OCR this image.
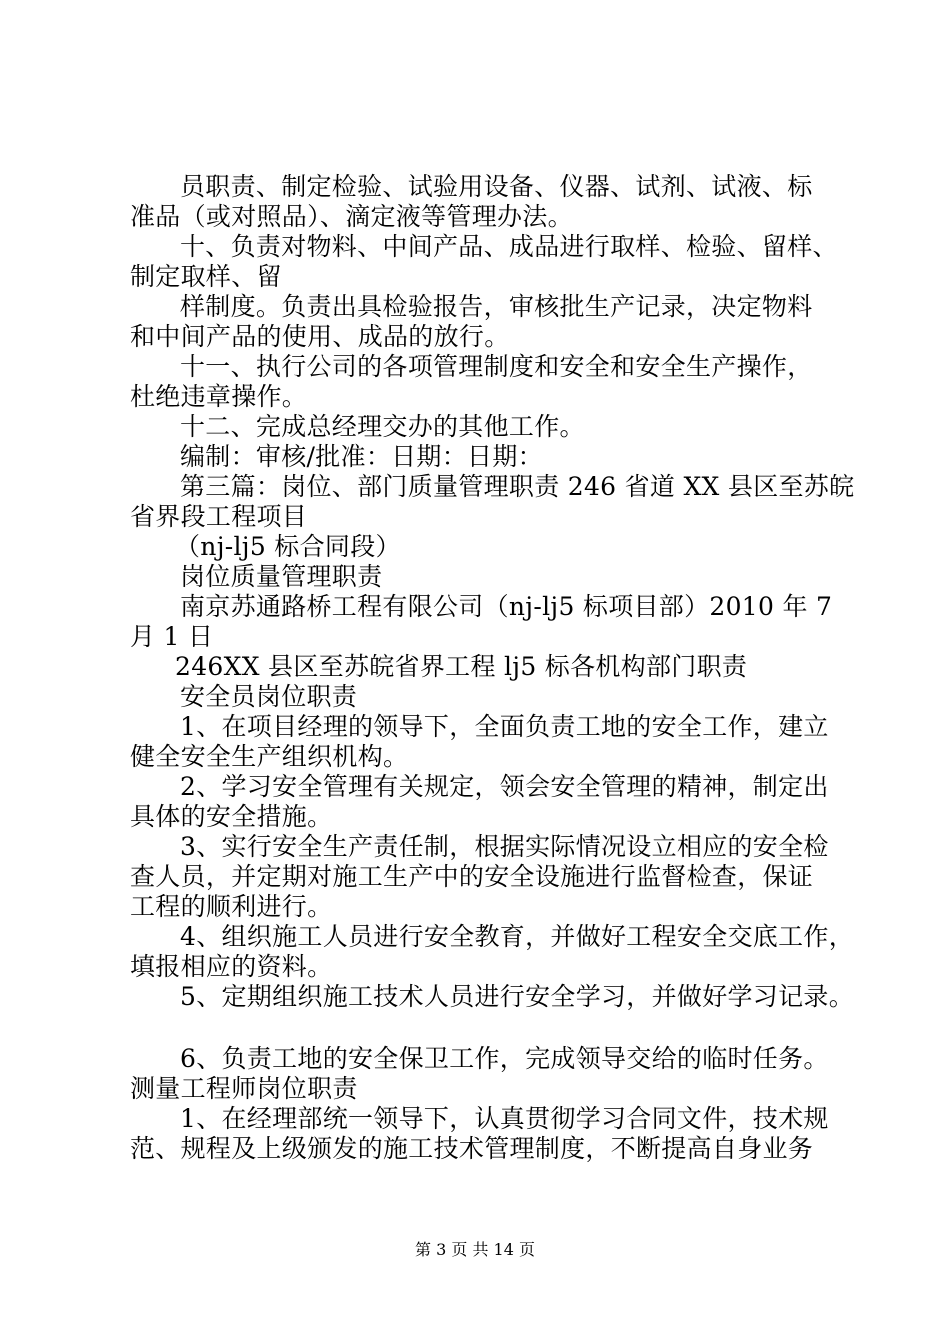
员职责、制定检验、试验用设备、仪器、试剂、试液、标
准品（或对照品）、滴定液等管理办法。
十、负责对物料、中间产品、成品进行取样、检验、留样、
制定取样、留
样制度。负责出具检验报告，审核批生产记录，决定物料
和中间产品的使用、成品的放行。
十一、执行公司的各项管理制度和安全和安全生产操作，
杜绝违章操作。
十二、完成总经理交办的其他工作。
编制：审核/批准：日期：日期：
第三篇：岗位、部门质量管理职责 246 省道 XX 县区至苏皖
省界段工程项目
（nj-lj5 标合同段）
岗位质量管理职责
南京苏通路桥工程有限公司（nj-lj5 标项目部）2010 年 7
月 1 日
246XX 县区至苏皖省界工程 lj5 标各机构部门职责
安全员岗位职责
1、在项目经理的领导下，全面负责工地的安全工作，建立
健全安全生产组织机构。
2、学习安全管理有关规定，领会安全管理的精神，制定出
具体的安全措施。
3、实行安全生产责任制，根据实际情况设立相应的安全检
查人员，并定期对施工生产中的安全设施进行监督检查，保证
工程的顺利进行。
4、组织施工人员进行安全教育，并做好工程安全交底工作，
填报相应的资料。
5、定期组织施工技术人员进行安全学习，并做好学习记录。
6、负责工地的安全保卫工作，完成领导交给的临时任务。
测量工程师岗位职责
1、在经理部统一领导下，认真贯彻学习合同文件，技术规
范、规程及上级颁发的施工技术管理制度，不断提高自身业务
第 3 页 共 14 页
